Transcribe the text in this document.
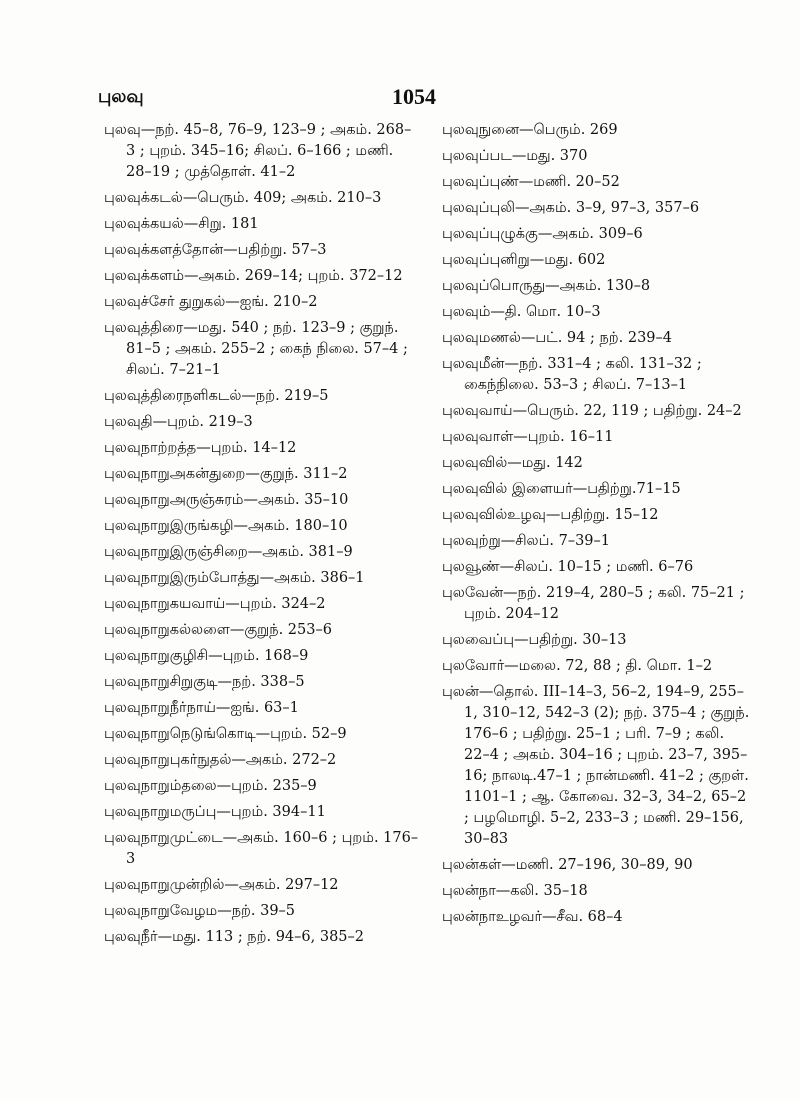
புலவு	1054
புலவு—நற். 45–8, 76–9, 123–9 ; அகம். 268–3 ; புறம். 345–16; சிலப். 6–166 ; மணி. 28–19 ; முத்தொள். 41–2
புலவுக்கடல்—பெரும். 409; அகம். 210–3
புலவுக்கயல்—சிறு. 181
புலவுக்களத்தோன்—பதிற்று. 57–3
புலவுக்களம்—அகம். 269–14; புறம். 372–12
புலவுச்சேர் துறுகல்—ஐங். 210–2
புலவுத்திரை—மது. 540 ; நற். 123–9 ; குறுந். 81–5 ; அகம். 255–2 ; கைந் நிலை. 57–4 ; சிலப். 7–21–1
புலவுத்திரைநளிகடல்—நற். 219–5
புலவுதி—புறம். 219–3
புலவுநாற்றத்த—புறம். 14–12
புலவுநாறுஅகன்துறை—குறுந். 311–2
புலவுநாறுஅருஞ்சுரம்—அகம். 35–10
புலவுநாறுஇருங்கழி—அகம். 180–10
புலவுநாறுஇருஞ்சிறை—அகம். 381–9
புலவுநாறுஇரும்போத்து—அகம். 386–1
புலவுநாறுகயவாய்—புறம். 324–2
புலவுநாறுகல்லளை—குறுந். 253–6
புலவுநாறுகுழிசி—புறம். 168–9
புலவுநாறுசிறுகுடி—நற். 338–5
புலவுநாறுநீர்நாய்—ஐங். 63–1
புலவுநாறுநெடுங்கொடி—புறம். 52–9
புலவுநாறுபுகர்நுதல்—அகம். 272–2
புலவுநாறும்தலை—புறம். 235–9
புலவுநாறுமருப்பு—புறம். 394–11
புலவுநாறுமுட்டை—அகம். 160–6 ; புறம். 176–3
புலவுநாறுமுன்றில்—அகம். 297–12
புலவுநாறுவேழம—நற். 39–5
புலவுநீர்—மது. 113 ; நற். 94–6, 385–2
புலவுநுனை—பெரும். 269
புலவுப்பட—மது. 370
புலவுப்புண்—மணி. 20–52
புலவுப்புலி—அகம். 3–9, 97–3, 357–6
புலவுப்புழுக்கு—அகம். 309–6
புலவுப்புனிறு—மது. 602
புலவுப்பொருது—அகம். 130–8
புலவும்—தி. மொ. 10–3
புலவுமணல்—பட். 94 ; நற். 239–4
புலவுமீன்—நற். 331–4 ; கலி. 131–32 ; கைந்நிலை. 53–3 ; சிலப். 7–13–1
புலவுவாய்—பெரும். 22, 119 ; பதிற்று. 24–2
புலவுவாள்—புறம். 16–11
புலவுவில்—மது. 142
புலவுவில் இளையர்—பதிற்று.71–15
புலவுவில்உழவு—பதிற்று. 15–12
புலவுற்று—சிலப். 7–39–1
புலவூண்—சிலப். 10–15 ; மணி. 6–76
புலவேன்—நற். 219–4, 280–5 ; கலி. 75–21 ; புறம். 204–12
புலவைப்பு—பதிற்று. 30–13
புலவோர்—மலை. 72, 88 ; தி. மொ. 1–2
புலன்—தொல். III–14–3, 56–2, 194–9, 255–1, 310–12, 542–3 (2); நற். 375–4 ; குறுந். 176–6 ; பதிற்று. 25–1 ; பரி. 7–9 ; கலி. 22–4 ; அகம். 304–16 ; புறம். 23–7, 395–16; நாலடி.47–1 ; நான்மணி. 41–2 ; குறள். 1101–1 ; ஆ. கோவை. 32–3, 34–2, 65–2 ; பழமொழி. 5–2, 233–3 ; மணி. 29–156, 30–83
புலன்கள்—மணி. 27–196, 30–89, 90
புலன்நா—கலி. 35–18
புலன்நாஉழவர்—சீவ. 68–4
